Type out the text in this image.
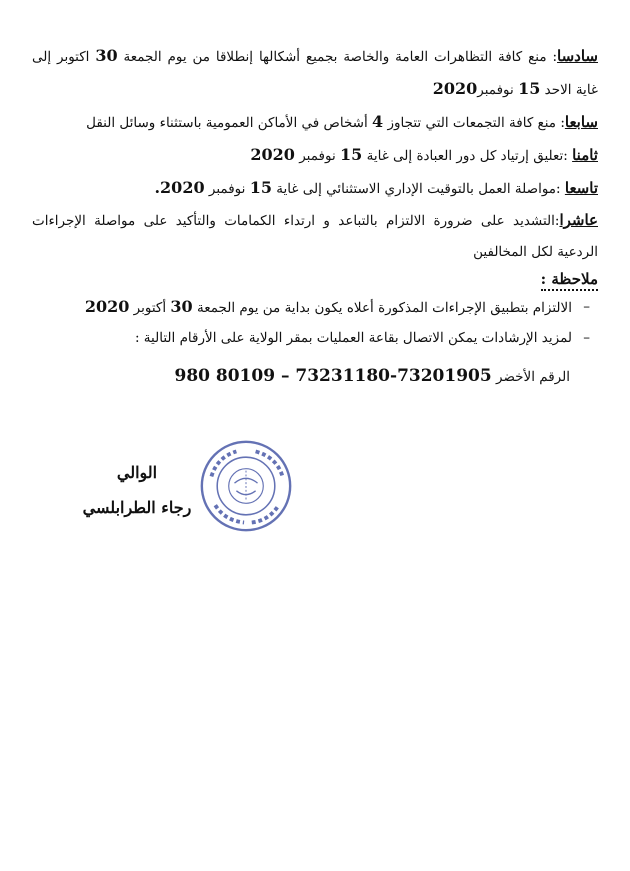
سادسا: منع كافة التظاهرات العامة والخاصة بجميع أشكالها إنطلاقا من يوم الجمعة 30 اكتوبر إلى غاية الاحد 15 نوفمبر2020

سابعا: منع كافة التجمعات التي تتجاوز 4 أشخاص في الأماكن العمومية باستثناء وسائل النقل

ثامنا :تعليق إرتياد كل دور العبادة إلى غاية 15 نوفمبر 2020

تاسعا :مواصلة العمل بالتوقيت الإداري الاستثنائي إلى غاية 15 نوفمبر 2020.

عاشرا:التشديد على ضرورة الالتزام بالتباعد و ارتداء الكمامات والتأكيد على مواصلة الإجراءات الردعية لكل المخالفين

ملاحظة :

– الالتزام بتطبيق الإجراءات المذكورة أعلاه يكون بداية من يوم الجمعة 30 أكتوبر 2020

– لمزيد الإرشادات يمكن الاتصال بقاعة العمليات بمقر الولاية على الأرقام التالية :

الرقم الأخضر 980 80109 – 73231180-73201905

الوالي
رجاء الطرابلسي
